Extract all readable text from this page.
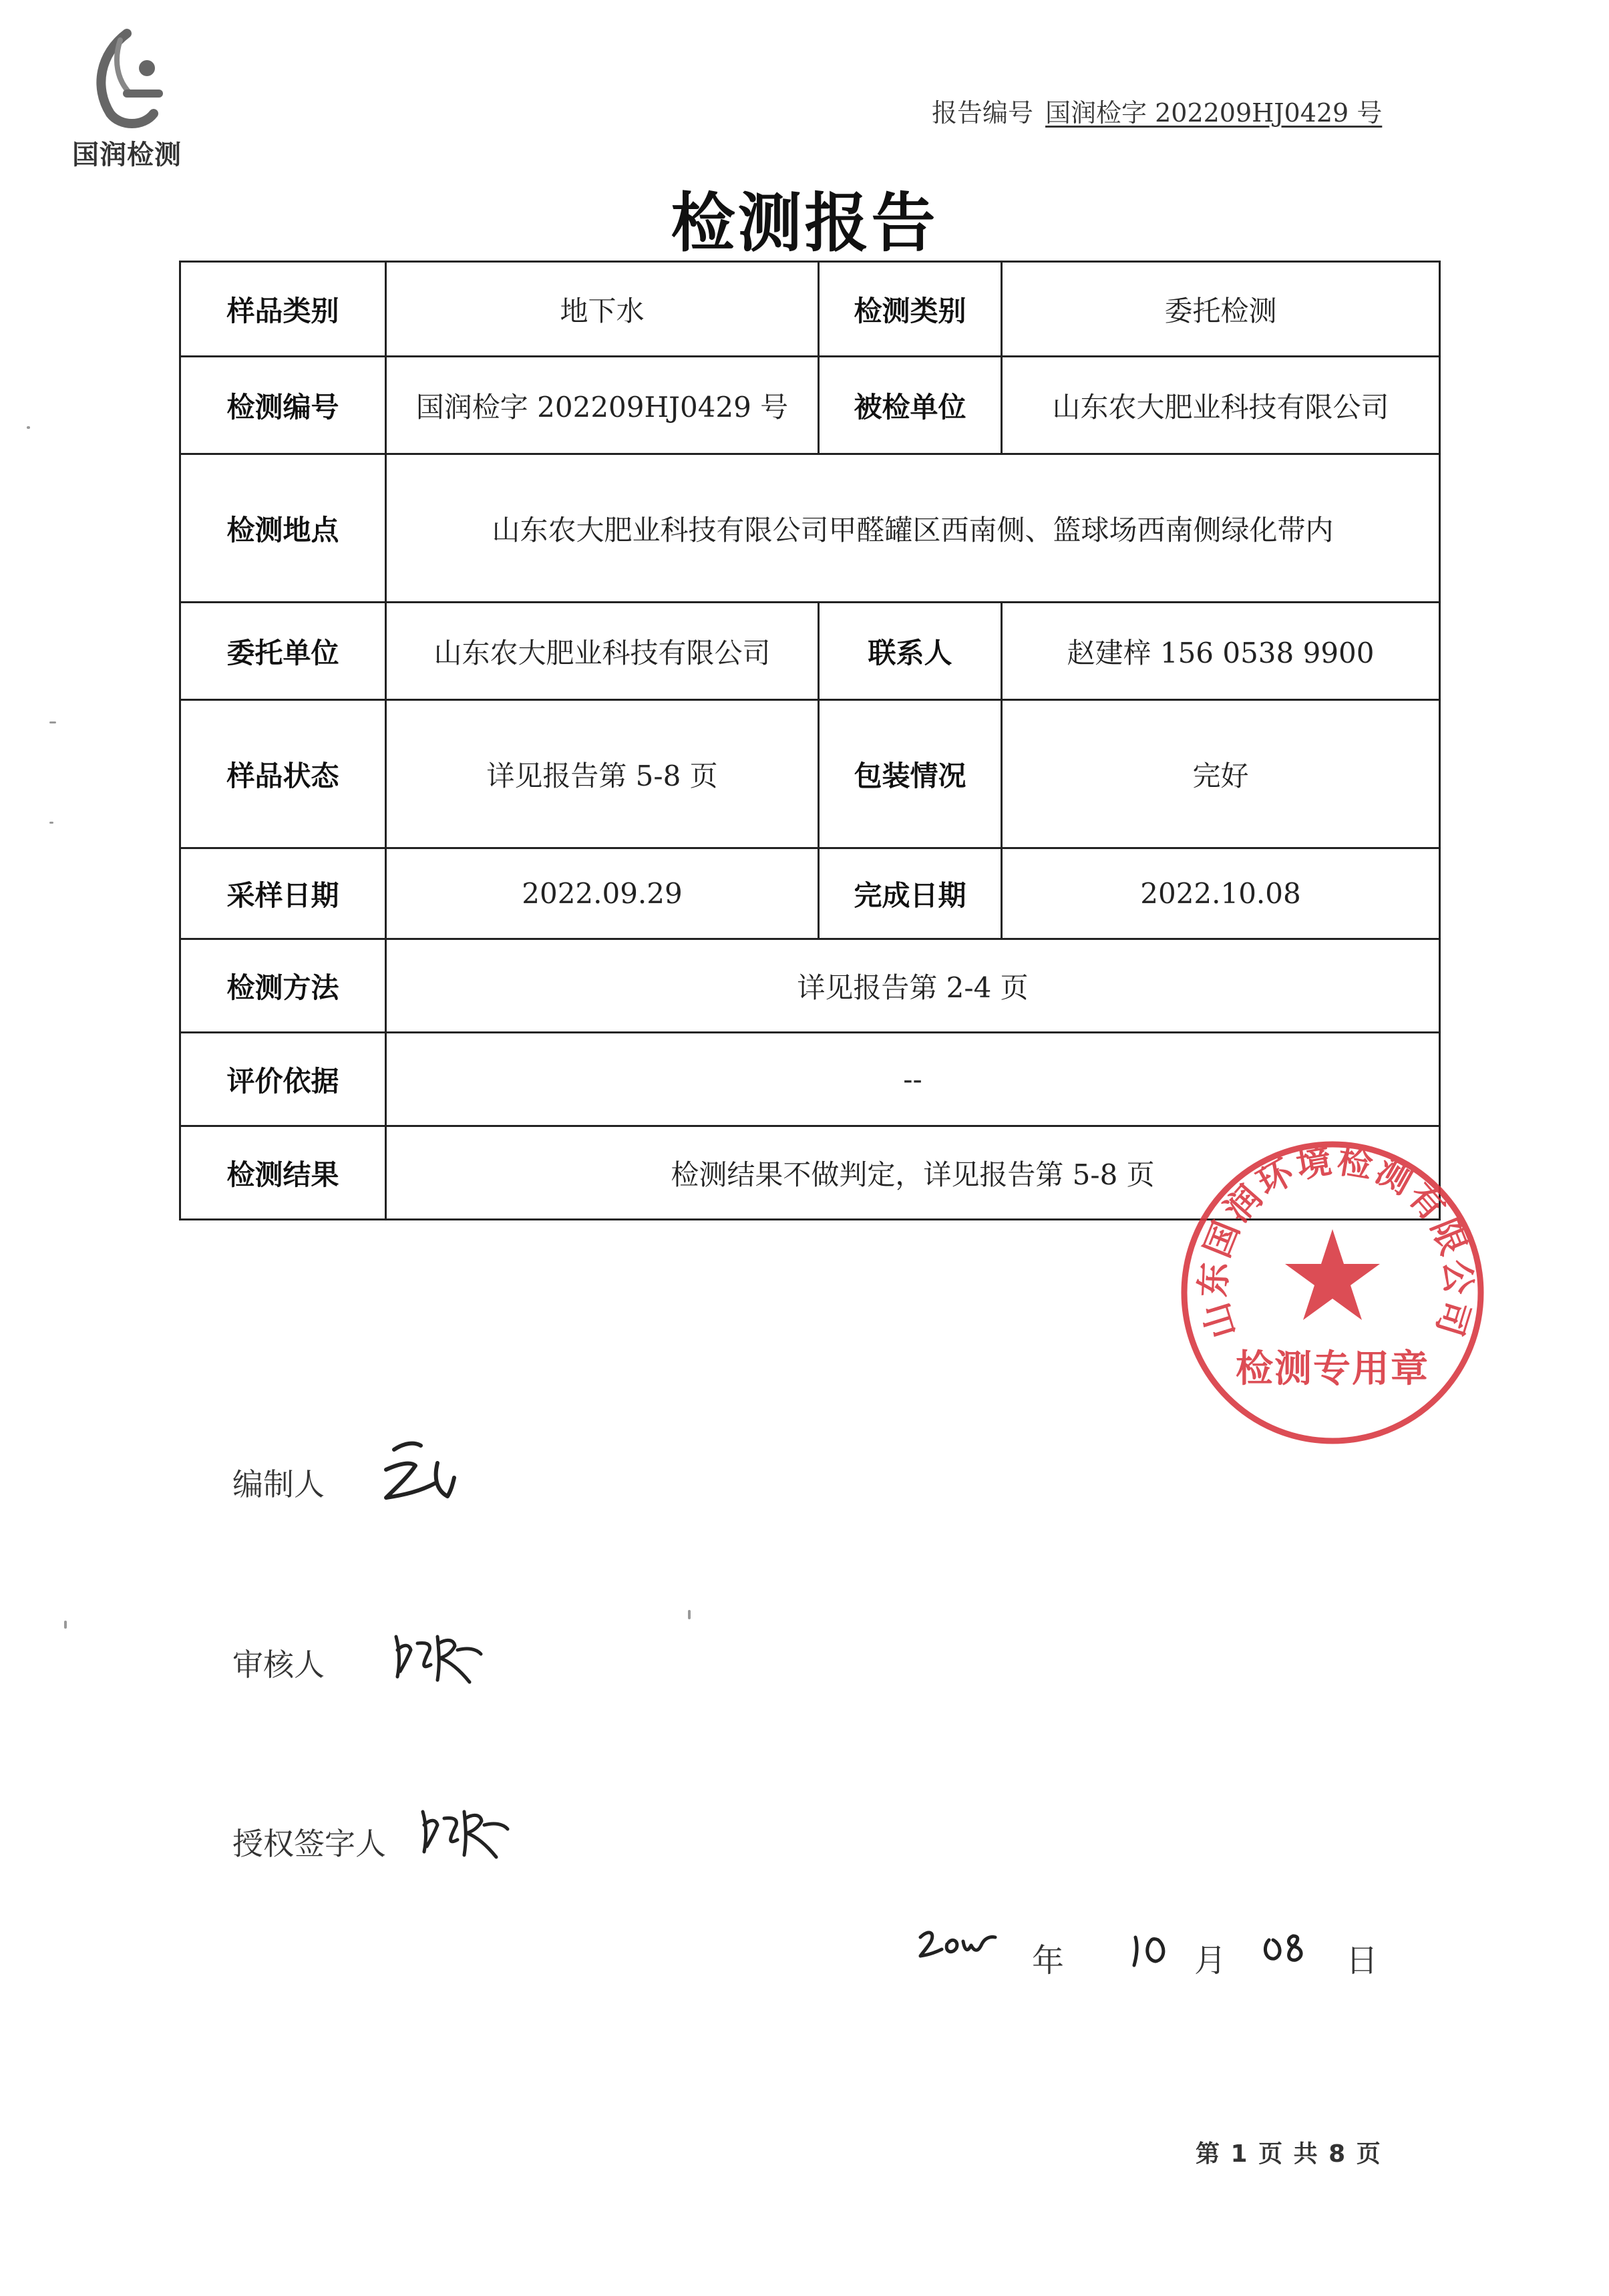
国润检测
报告编号 国润检字 202209HJ0429 号
检测报告
样品类别	地下水	检测类别	委托检测
检测编号	国润检字 202209HJ0429 号	被检单位	山东农大肥业科技有限公司
检测地点	山东农大肥业科技有限公司甲醛罐区西南侧、篮球场西南侧绿化带内		
委托单位	山东农大肥业科技有限公司	联系人	赵建梓 156 0538 9900
样品状态	详见报告第 5-8 页	包装情况	完好
采样日期	2022.09.29	完成日期	2022.10.08
检测方法	详见报告第 2-4 页		
评价依据	--		
检测结果	检测结果不做判定，详见报告第 5-8 页		
山东国润环境检测有限公司
检测专用章
编制人
审核人
授权签字人
年	月	日
第 1 页 共 8 页
